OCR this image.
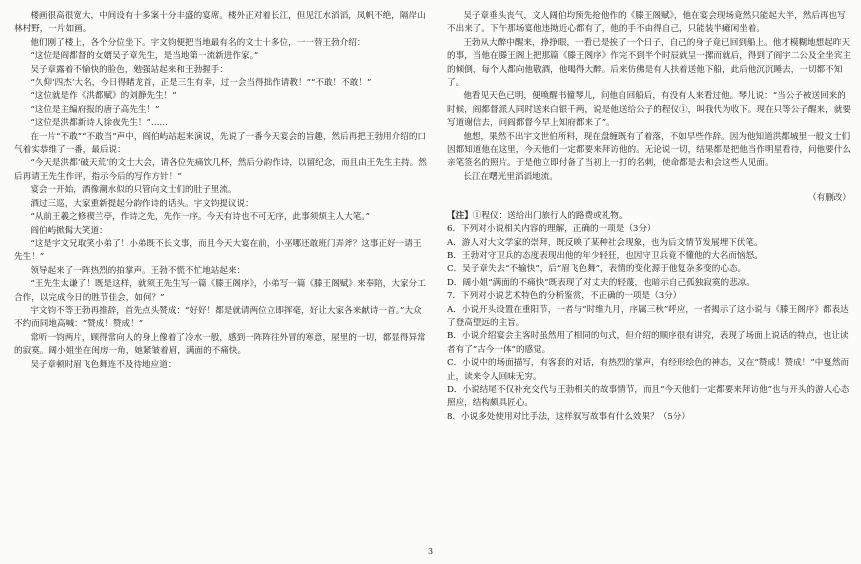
楼画很高很宽大，中间设有十多案十分丰盛的宴席。楼外正对着长江，但见江水滔滔，凤帆不绝，隔岸山林村野，一片如画。

他们刚了楼上，各个分位坐下。宇文钧便把当地最有名的文士十多位，一一替王勃介绍：

“这位是阎都督的女婿吴子章先生，是当地第一流新进作家。”

吴子章露着不愉快的脸色，勉强站起来和王勃握手：

“久仰‘四杰’大名，今日得睹龙首，正是三生有幸，过一会当得拙作请教！”“不敢！不敢！”

“这位就是作《洪都赋》的刘静先生！”

“这位是主编府报的唐子高先生！”

“这位是洪都新诗人徐夜先生！”……

在一片“不敢”“不敢当”声中，阎伯屿站起来演说，先说了一番今天宴会的旨趣，然后再把王勃用介绍的口气着实恭维了一番，最后说：

“今天是洪都‘破天荒’的文士大会，请各位先痛饮几杯，然后分韵作诗，以留纪念，而且由王先生主持。然后再请王先生作评，指示今后的写作方针！”

宴会一开始，酒像潮水似的只管向文士们的肚子里流。

酒过三巡，大家重新提起分韵作诗的话头。宇文钧提议说：

“从前王羲之修禊兰亭，作诗之先，先作一序。今天有诗也不可无序，此事须烦主人大笔。”

阎伯屿掀髯大笑道：

“这是宇文兄取笑小弟了！小弟既不长文事，而且今天大宴在前，小巫哪还敢班门弄斧？这事正好一请王先生！”

领导起来了一阵热烈的拍掌声。王勃不慌不忙地站起来：

“王先生太谦了！既是这样，就须王先生写一篇《滕王阁序》，小弟写一篇《滕王阁赋》来奉陪，大家分工合作，以完成今日的胜节佳会，如何？”

宇文钧不等王勃再推辞，首先点头赞成：“好好！都是就请两位立即挥毫，好让大家各来献诗一首。”大众不约而同地高喊：“赞成！赞成！”

常听一钧两片，顾得常向人的身上像着了冷水一般，感到一阵阵往外冒的寒意，屋里的一切，都显得异常的寂寞。阔小姐坐在闺房一角，她紧皱着眉，满面的不痛快。

吴子章顿时眉飞色舞连不及待地应道：

吴子章垂头丧气，文人阔伯均预先抢他作的《滕王阁赋》，他在宴会现场竟然只能起大半，然后再也写不出来了。下午那场宴他违拗近心都有了，他的手不由得自己，只能装半瘫闲坐着。

王勃从大醉中醒来，挣挣眼，一看已是挨了一个日子，自己的身子竟已回到船上。他才模糊地想起昨天的事，当他在滕王阁上把那篇《滕王阁序》作完不到半个时辰就呈一摞而就后，得到了阎宇二公及全坐宾主的倾倒，每个人都向他敬酒，他喝得大醉。后来仿佛是有人扶着送他下船，此后他沉沉睡去，一切都不知了。

他看见天色已明，便唤醒书僮琴儿，问他自回船后，有没有人来看过他。琴儿说：“当公子被送回来的时候，阎都督派人同时送来白银千两，说是他送给公子的程仪①，叫我代为收下。现在只等公子醒来，就要写道谢信去，问阎都督今早上知府都来了”。

他想，果然不出宇文世伯所料，现在盘缠既有了着落，不如早些作辞。因为他知道洪都城里一般文士们因都知道他在这里，今天他们一定都要来拜访他的。无论说一切，结果都是把他当作明星看待，问他要什么亲笔签名的照片。于是他立即付备了当初上一打的名刺，使命都是去和会这些人见面。

长江在曙光里滔滔地流。

（有删改）

【注】①程仪：送给出门旅行人的路费或礼物。

6．下列对小说相关内容的理解，正确的一项是（3分）

A．游人对大文学家的崇拜，既反映了某种社会现象，也为后文情节发展埋下伏笔。

B．王勃对守卫兵的态度表现出他的年少轻狂，也因守卫兵竟不懂他的大名而恼怒。

C．吴子章失去“不输快”，后“眉飞色舞”，表情的变化源于他复杂多变的心态。

D．阔小姐“满面的不痛快”既表现了对丈夫的轻蔑，也暗示自己孤独寂寞的悲凉。

7．下列对小说艺术特色的分析鉴赏，不正确的一项是（3分）

A．小说开头设置在重阳节，一者与“时维九月，序属三秋”呼应，一者揭示了这小说与《滕王阁序》都表达了登高望远的主旨。

B．小说介绍宴会主客时虽然用了相同的句式，但介绍的顺序很有讲究，表现了场面上说话的特点，也让读者有了“古今一体”的感觉。

C．小说中的场面描写，有客套的对话，有热烈的掌声，有经形绘色的神态，又在“赞成！赞成！”中戛然而止，读来令人回味无穷。

D．小说结尾不仅补充交代与王勃相关的故事情节，而且“今天他们一定都要来拜访他”也与开头的游人心态照应，结构颇具匠心。

8．小说多处使用对比手法，这样叙写故事有什么效果？（5分）

3
